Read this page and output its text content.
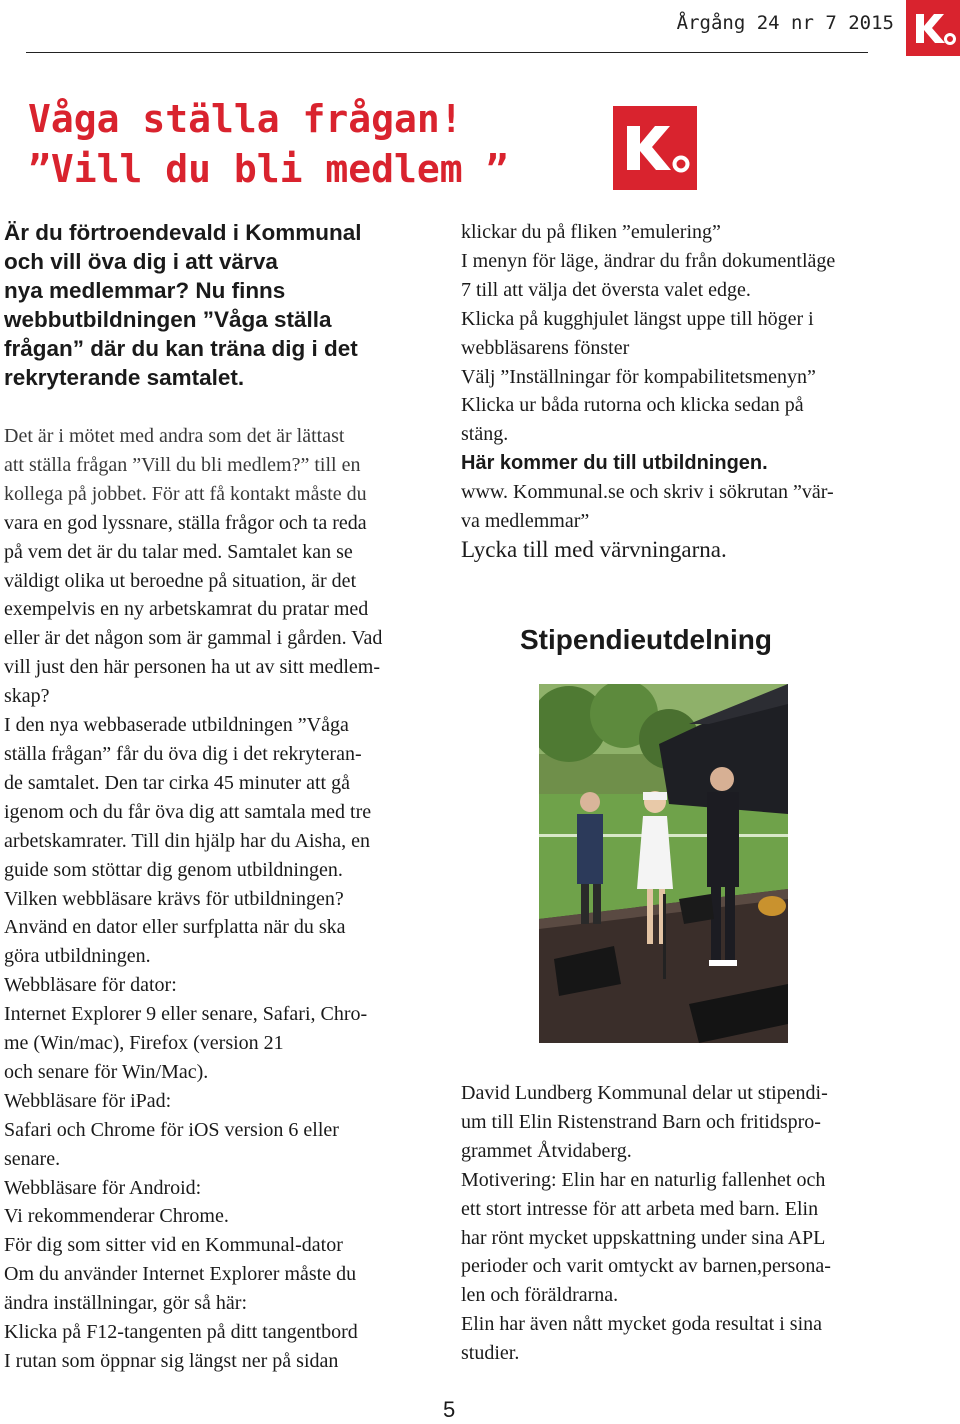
Årgång 24 nr 7 2015
Våga ställa frågan!
”Vill du bli medlem ”
Är du förtroendevald i Kommunal
och vill öva dig i att värva
nya medlemmar? Nu finns
webbutbildningen ”Våga ställa
frågan” där du kan träna dig i det
rekryterande samtalet.
Det är i mötet med andra som det är lättast
att ställa frågan ”Vill du bli medlem?” till en
kollega på jobbet. För att få kontakt måste du
vara en god lyssnare, ställa frågor och ta reda
på vem det är du talar med. Samtalet kan se
väldigt olika ut beroedne på situation, är det
exempelvis en ny arbetskamrat du pratar med
eller är det någon som är gammal i gården. Vad
vill just den här personen ha ut av sitt medlem-
skap?
I den nya webbaserade utbildningen ”Våga
ställa frågan” får du öva dig i det rekryteran-
de samtalet. Den tar cirka 45 minuter att gå
igenom och du får öva dig att samtala med tre
arbetskamrater. Till din hjälp har du Aisha, en
guide som stöttar dig genom utbildningen.
Vilken webbläsare krävs för utbildningen?
Använd en dator eller surfplatta när du ska
göra utbildningen.
Webbläsare för dator:
Internet Explorer 9 eller senare, Safari, Chro-
me (Win/mac), Firefox (version 21
och senare för Win/Mac).
Webbläsare för iPad:
Safari och Chrome för iOS version 6 eller
senare.
Webbläsare för Android:
Vi rekommenderar Chrome.
För dig som sitter vid en Kommunal-dator
Om du använder Internet Explorer måste du
ändra inställningar, gör så här:
Klicka på F12-tangenten på ditt tangentbord
I rutan som öppnar sig längst ner på sidan
klickar du på fliken ”emulering”
I menyn för läge, ändrar du från dokumentläge
7 till att välja det översta valet edge.
Klicka på kugghjulet längst uppe till höger i
webbläsarens fönster
Välj ”Inställningar för kompabilitetsmenyn”
Klicka ur båda rutorna och klicka sedan på
stäng.
Här kommer du till utbildningen.
www. Kommunal.se och skriv i sökrutan ”vär-
va medlemmar”
Lycka till med värvningarna.
Stipendieutdelning
David Lundberg Kommunal delar ut stipendi-
um till Elin Ristenstrand Barn och fritidspro-
grammet Åtvidaberg.
Motivering: Elin har en naturlig fallenhet och
ett stort intresse för att arbeta med barn. Elin
har rönt mycket uppskattning under sina APL
perioder och varit omtyckt av barnen,persona-
len och föräldrarna.
Elin har även nått mycket goda resultat i sina
studier.
5
